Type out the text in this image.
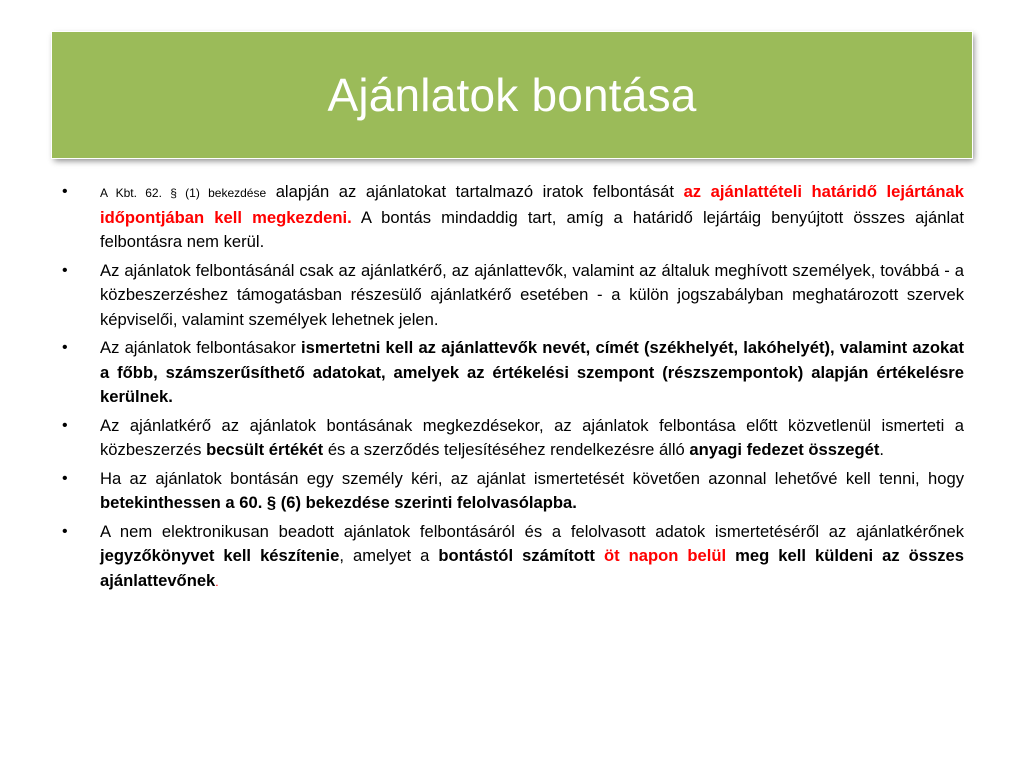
Ajánlatok bontása
•	A Kbt. 62. § (1) bekezdése alapján az ajánlatokat tartalmazó iratok felbontását az ajánlattételi határidő lejártának időpontjában kell megkezdeni. A bontás mindaddig tart, amíg a határidő lejártáig benyújtott összes ajánlat felbontásra nem kerül.
•	Az ajánlatok felbontásánál csak az ajánlatkérő, az ajánlattevők, valamint az általuk meghívott személyek, továbbá - a közbeszerzéshez támogatásban részesülő ajánlatkérő esetében - a külön jogszabályban meghatározott szervek képviselői, valamint személyek lehetnek jelen.
•	Az ajánlatok felbontásakor ismertetni kell az ajánlattevők nevét, címét (székhelyét, lakóhelyét), valamint azokat a főbb, számszerűsíthető adatokat, amelyek az értékelési szempont (részszempontok) alapján értékelésre kerülnek.
•	Az ajánlatkérő az ajánlatok bontásának megkezdésekor, az ajánlatok felbontása előtt közvetlenül ismerteti a közbeszerzés becsült értékét és a szerződés teljesítéséhez rendelkezésre álló anyagi fedezet összegét.
•	Ha az ajánlatok bontásán egy személy kéri, az ajánlat ismertetését követően azonnal lehetővé kell tenni, hogy betekinthessen a 60. § (6) bekezdése szerinti felolvasólapba.
•	A nem elektronikusan beadott ajánlatok felbontásáról és a felolvasott adatok ismertetéséről az ajánlatkérőnek jegyzőkönyvet kell készítenie, amelyet a bontástól számított öt napon belül meg kell küldeni az összes ajánlattevőnek.
